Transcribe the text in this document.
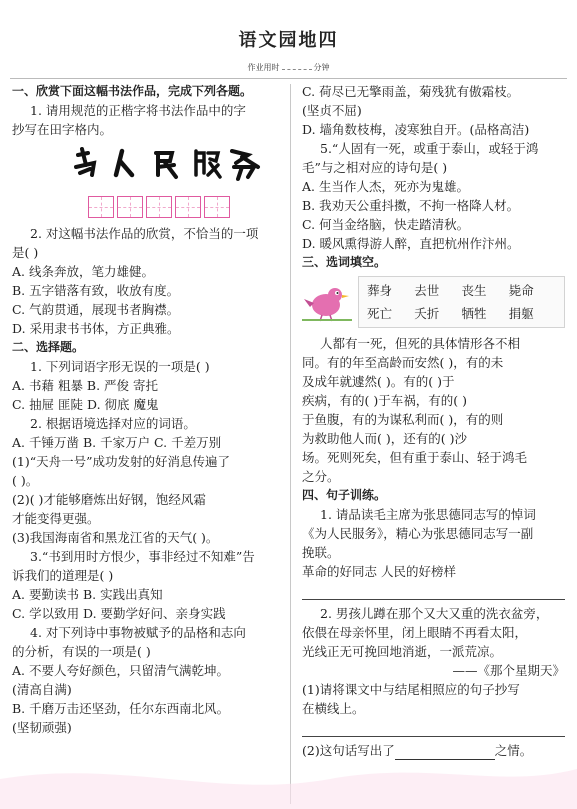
语文园地四
作业用时	分钟

一、欣赏下面这幅书法作品，完成下列各题。

1. 请用规范的正楷字将书法作品中的字

抄写在田字格内。

2. 对这幅书法作品的欣赏，不恰当的一项

是( )

A. 线条奔放，笔力雄健。

B. 五字错落有致，收放有度。

C. 气韵贯通，展现书者胸襟。

D. 采用隶书书体，方正典雅。

二、选择题。

1. 下列词语字形无误的一项是( )

A. 书藉 粗暴 B. 严俊 寄托

C. 抽屉 匪陡 D. 彻底 魔鬼

2. 根据语境选择对应的词语。

A. 千锤万凿 B. 千家万户 C. 千差万别

(1)“天舟一号”成功发射的好消息传遍了

( )。

(2)( )才能够磨炼出好钢，饱经风霜

才能变得更强。

(3)我国海南省和黑龙江省的天气( )。

3.“书到用时方恨少，事非经过不知难”告

诉我们的道理是( )

A. 要勤读书 B. 实践出真知

C. 学以致用 D. 要勤学好问、亲身实践

4. 对下列诗中事物被赋予的品格和志向

的分析，有误的一项是( )

A. 不要人夸好颜色，只留清气满乾坤。

(清高自满)

B. 千磨万击还坚劲，任尔东西南北风。

(坚韧顽强)

C. 荷尽已无擎雨盖，菊残犹有傲霜枝。

(坚贞不屈)

D. 墙角数枝梅，凌寒独自开。(品格高洁)

5.“人固有一死，或重于泰山，或轻于鸿

毛”与之相对应的诗句是( )

A. 生当作人杰，死亦为鬼雄。

B. 我劝天公重抖擞，不拘一格降人材。

C. 何当金络脑，快走踏清秋。

D. 暖风熏得游人醉，直把杭州作汴州。

三、选词填空。

葬身	去世	丧生	毙命
死亡	夭折	牺牲	捐躯

人都有一死，但死的具体情形各不相

同。有的年至高龄而安然( )，有的未

及成年就遽然( )。有的( )于

疾病，有的( )于车祸，有的( )

于鱼腹，有的为谋私利而( )，有的则

为救助他人而( )，还有的( )沙

场。死则死矣，但有重于泰山、轻于鸿毛

之分。

四、句子训练。

1. 请品读毛主席为张思德同志写的悼词

《为人民服务》，精心为张思德同志写一副

挽联。

革命的好同志 人民的好榜样

2. 男孩儿蹲在那个又大又重的洗衣盆旁，

依偎在母亲怀里，闭上眼睛不再看太阳，

光线正无可挽回地消逝，一派荒凉。

——《那个星期天》

(1)请将课文中与结尾相照应的句子抄写

在横线上。

(2)这句话写出了	之情。
